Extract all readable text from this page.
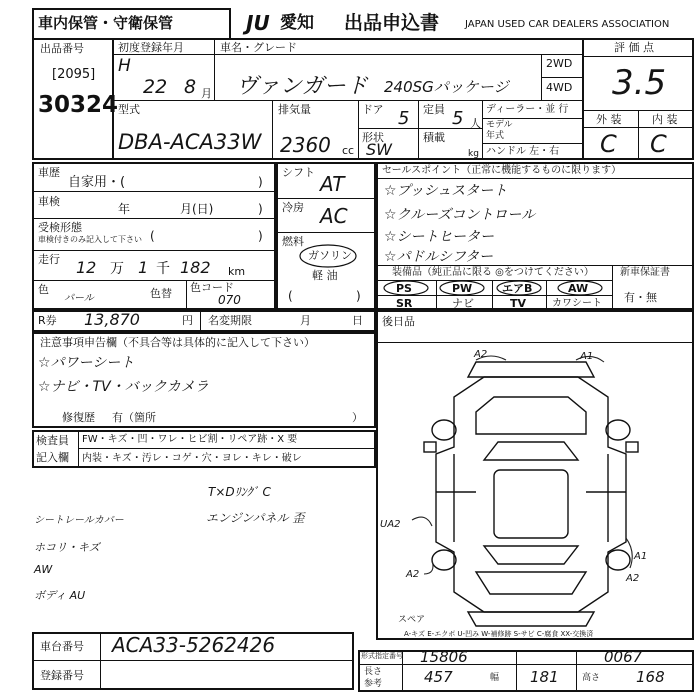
車内保管・守衛保管	JU 愛知 出品申込書	JAPAN USED CAR DEALERS ASSOCIATION
出品番号
[2095]
30324
初度登録年月	車名・グレード
H
22 8 月 ヴァンガード 240SGパッケージ
2WD
4WD
評 価 点
3.5
外 装	内 装
C C
型式
DBA-ACA33W
排気量
2360 cc
ドア 5 定員 5 人
形状
SW
積載
kg
ディーラー・並 行
モデル
年式
ハンドル 左・右
車歴
自家用・(	)
車検
年	月(日)	)
受検形態
車検付きのみ記入して下さい (	)
走行 12 万 1 千 182 km
色
パール	色替 色コード
070
シフト AT
冷房 AC
燃料
ガソリン
軽 油
(	)
セールスポイント（正常に機能するものに限ります）
☆プッシュスタート
☆クルーズコントロール
☆シートヒーター
☆パドルシフター
装備品（純正品に限る ◎をつけてください）	新車保証書
有・無
PS	PW	エアB	AW
SR	ナビ	TV	カワシート
R券 13,870	円 名変期限	月	日
注意事項申告欄（不具合等は具体的に記入して下さい）
☆パワーシート
☆ナビ・TV・バックカメラ
修復歴 有（箇所	）
検査員
記入欄
FW・キズ・凹・ワレ・ヒビ割・リペア跡・X 要
内装・キズ・汚レ・コゲ・穴・ヨレ・キレ・破レ
T×Dﾘﾝｸﾞ C
エンジンパネル 歪
シートレールカバー
ホコリ・キズ
AW
ボディ AU
後日品
A2	A1
UA2
A2
A1
A2
スペア
A-キズ E-エクボ U-凹み W-補修跡 S-サビ C-腐食 XX-交換済
車台番号 ACA33-5262426
登録番号
形式指定番号 15806	0067
長さ
参考	457	幅 181	高さ 168
